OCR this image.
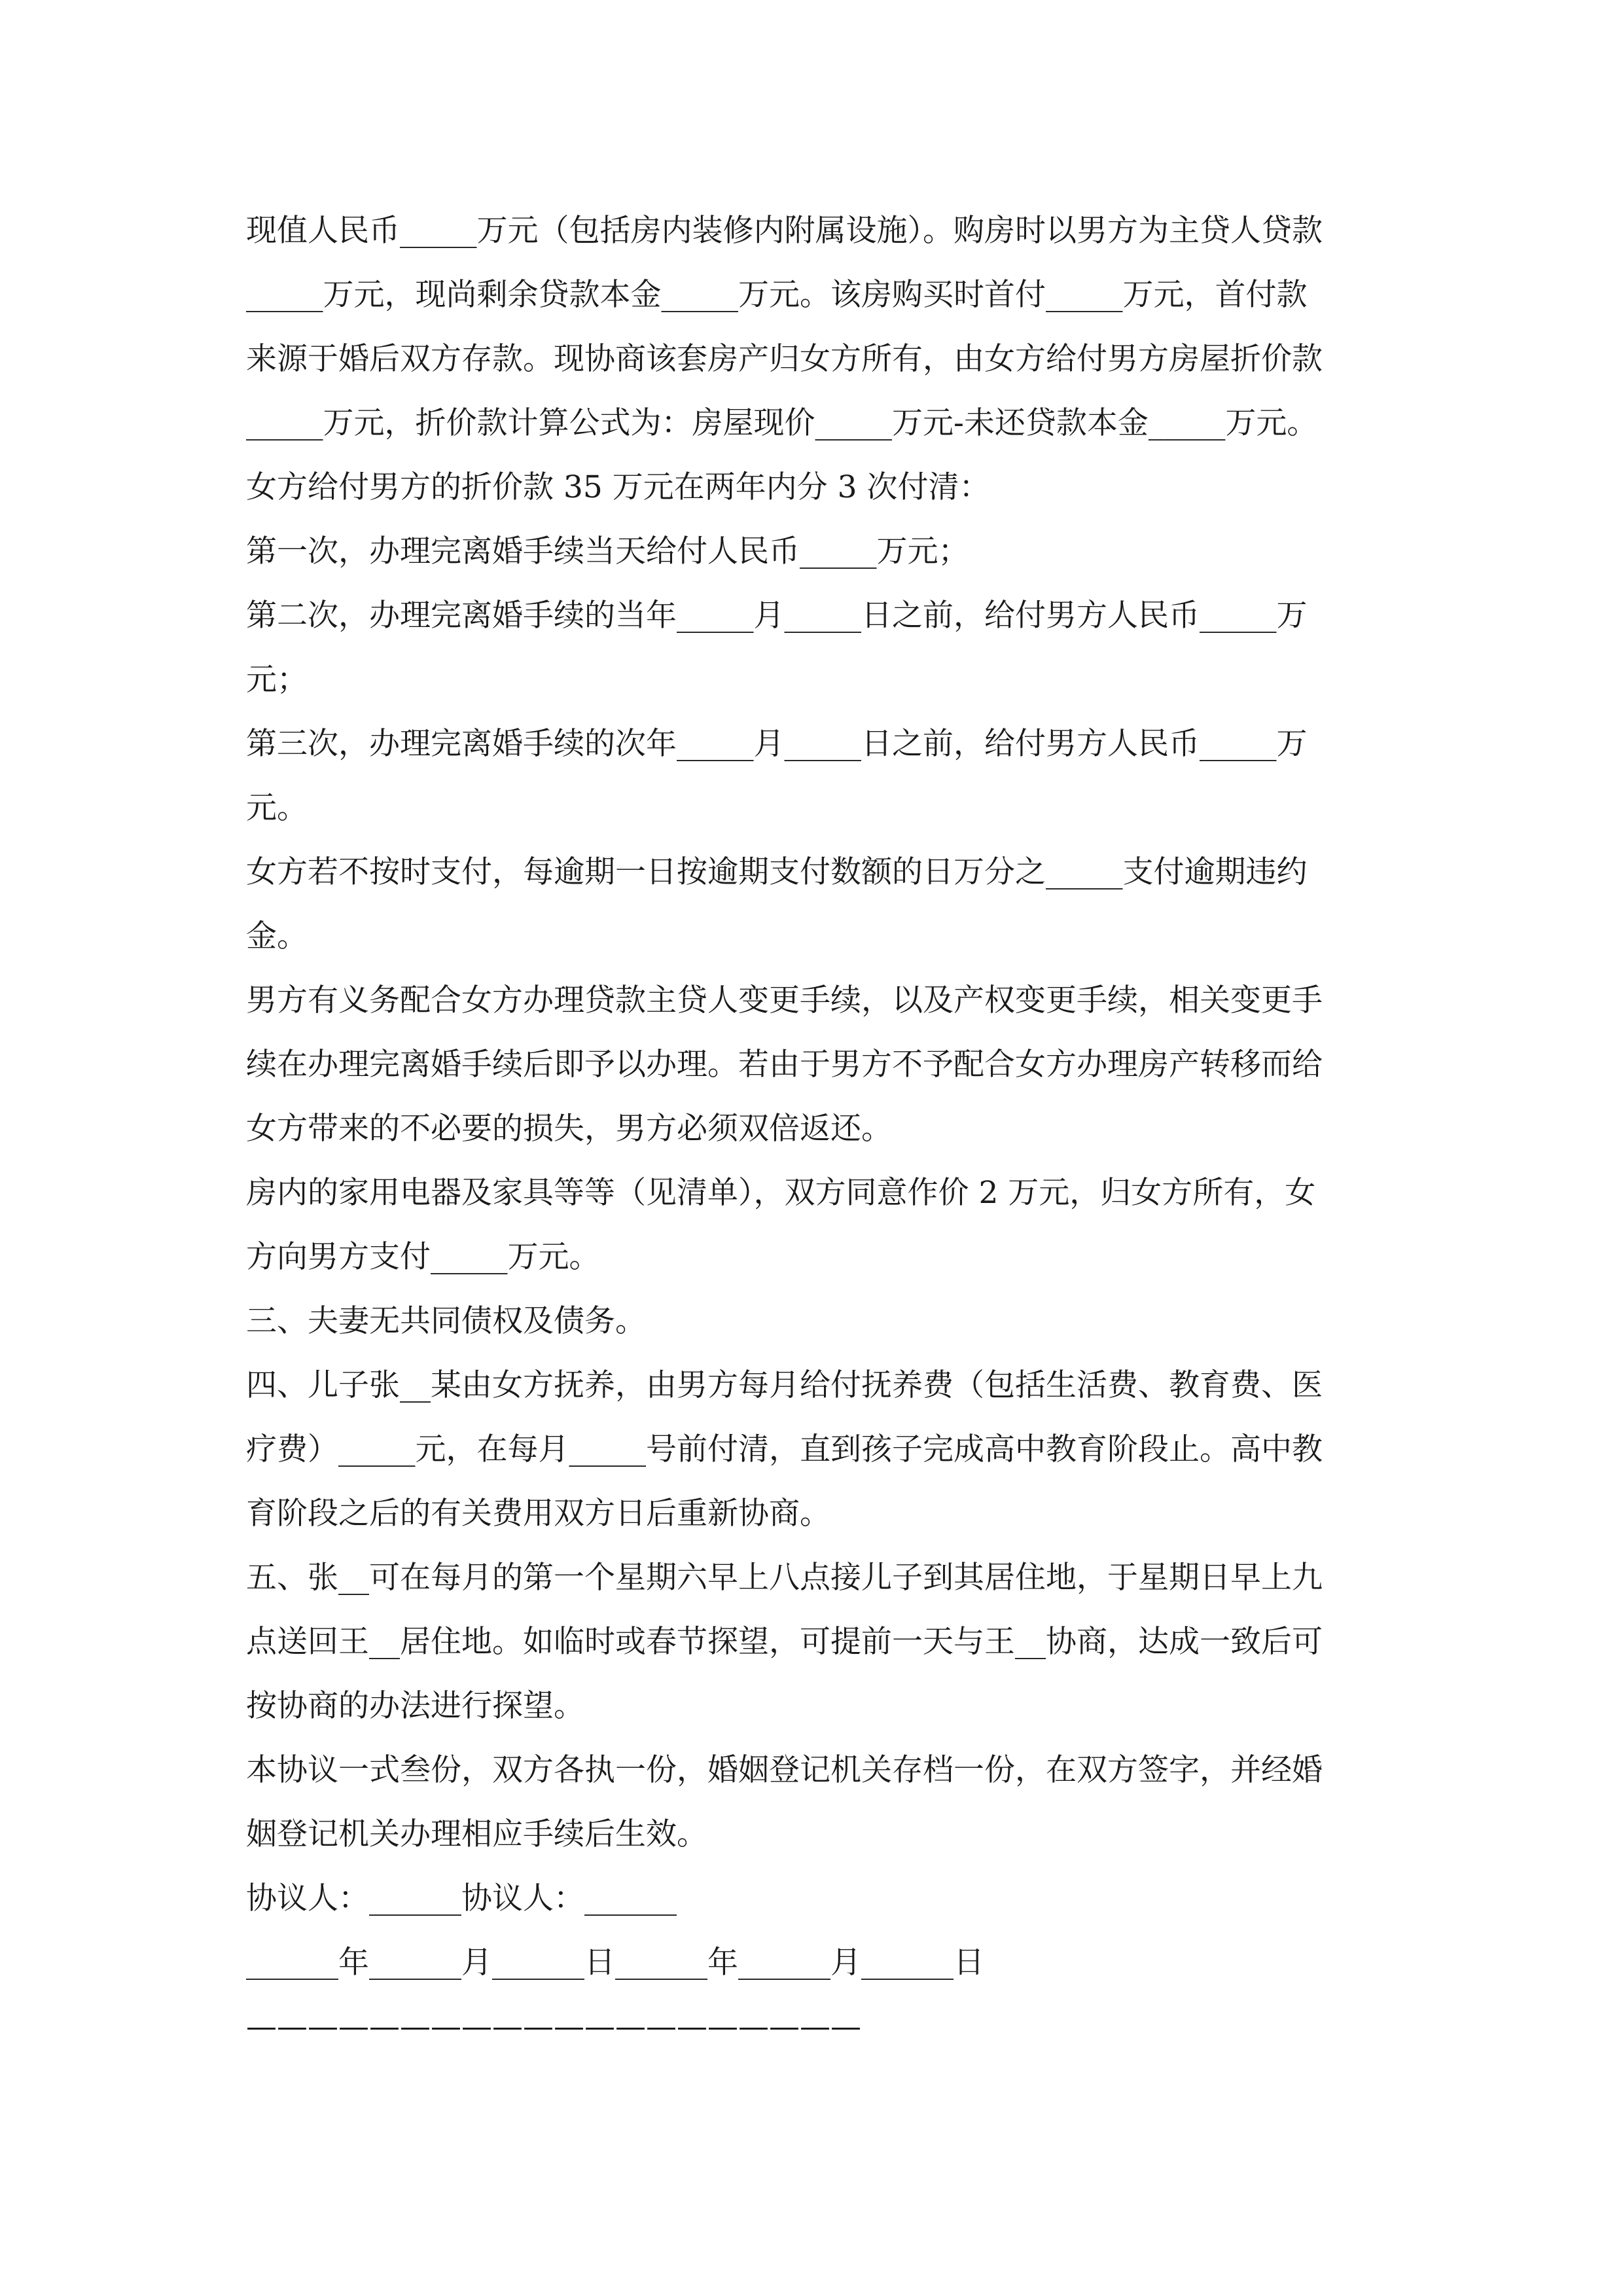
现值人民币_____万元（包括房内装修内附属设施）。购房时以男方为主贷人贷款
_____万元，现尚剩余贷款本金_____万元。该房购买时首付_____万元，首付款
来源于婚后双方存款。现协商该套房产归女方所有，由女方给付男方房屋折价款
_____万元，折价款计算公式为：房屋现价_____万元-未还贷款本金_____万元。
女方给付男方的折价款 35 万元在两年内分 3 次付清：
第一次，办理完离婚手续当天给付人民币_____万元；
第二次，办理完离婚手续的当年_____月_____日之前，给付男方人民币_____万
元；
第三次，办理完离婚手续的次年_____月_____日之前，给付男方人民币_____万
元。
女方若不按时支付，每逾期一日按逾期支付数额的日万分之_____支付逾期违约
金。
男方有义务配合女方办理贷款主贷人变更手续，以及产权变更手续，相关变更手
续在办理完离婚手续后即予以办理。若由于男方不予配合女方办理房产转移而给
女方带来的不必要的损失，男方必须双倍返还。
房内的家用电器及家具等等（见清单），双方同意作价 2 万元，归女方所有，女
方向男方支付_____万元。
三、夫妻无共同债权及债务。
四、儿子张__某由女方抚养，由男方每月给付抚养费（包括生活费、教育费、医
疗费）_____元，在每月_____号前付清，直到孩子完成高中教育阶段止。高中教
育阶段之后的有关费用双方日后重新协商。
五、张__可在每月的第一个星期六早上八点接儿子到其居住地，于星期日早上九
点送回王__居住地。如临时或春节探望，可提前一天与王__协商，达成一致后可
按协商的办法进行探望。
本协议一式叁份，双方各执一份，婚姻登记机关存档一份，在双方签字，并经婚
姻登记机关办理相应手续后生效。
协议人：______协议人：______
______年______月______日______年______月______日
————————————————————
